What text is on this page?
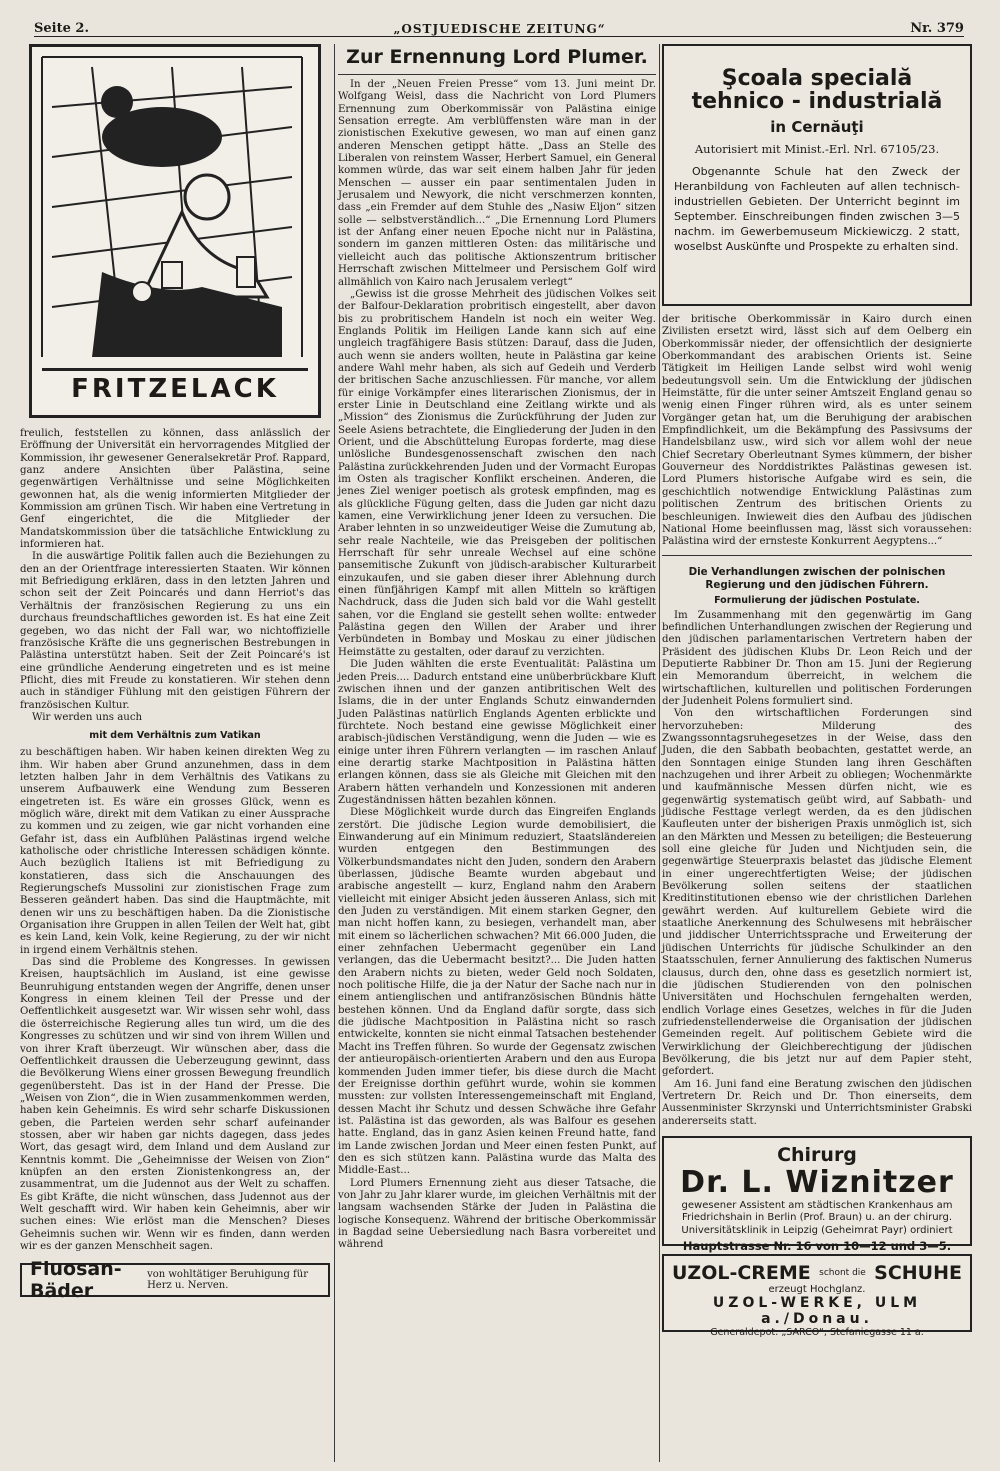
Seite 2.	„OSTJUEDISCHE ZEITUNG“	Nr. 379
FRITZELACK

freulich, feststellen zu können, dass anlässlich der Eröffnung der Universität ein hervorragendes Mitglied der Kommission, ihr gewesener Generalsekretär Prof. Rappard, ganz andere Ansichten über Palästina, seine gegenwärtigen Verhältnisse und seine Möglichkeiten gewonnen hat, als die wenig informierten Mitglieder der Kommission am grünen Tisch. Wir haben eine Vertretung in Genf eingerichtet, die die Mitglieder der Mandatskommission über die tatsächliche Entwicklung zu informieren hat.

In die auswärtige Politik fallen auch die Beziehungen zu den an der Orientfrage interessierten Staaten. Wir können mit Befriedigung erklären, dass in den letzten Jahren und schon seit der Zeit Poincarés und dann Herriot's das Verhältnis der französischen Regierung zu uns ein durchaus freundschaftliches geworden ist. Es hat eine Zeit gegeben, wo das nicht der Fall war, wo nichtoffizielle französische Kräfte die uns gegnerischen Bestrebungen in Palästina unterstützt haben. Seit der Zeit Poincaré's ist eine gründliche Aenderung eingetreten und es ist meine Pflicht, dies mit Freude zu konstatieren. Wir stehen denn auch in ständiger Fühlung mit den geistigen Führern der französischen Kultur.

Wir werden uns auch

mit dem Verhältnis zum Vatikan

zu beschäftigen haben. Wir haben keinen direkten Weg zu ihm. Wir haben aber Grund anzunehmen, dass in dem letzten halben Jahr in dem Verhältnis des Vatikans zu unserem Aufbauwerk eine Wendung zum Besseren eingetreten ist. Es wäre ein grosses Glück, wenn es möglich wäre, direkt mit dem Vatikan zu einer Aussprache zu kommen und zu zeigen, wie gar nicht vorhanden eine Gefahr ist, dass ein Aufblühen Palästinas irgend welche katholische oder christliche Interessen schädigen könnte. Auch bezüglich Italiens ist mit Befriedigung zu konstatieren, dass sich die Anschauungen des Regierungschefs Mussolini zur zionistischen Frage zum Besseren geändert haben. Das sind die Hauptmächte, mit denen wir uns zu beschäftigen haben. Da die Zionistische Organisation ihre Gruppen in allen Teilen der Welt hat, gibt es kein Land, kein Volk, keine Regierung, zu der wir nicht in irgend einem Verhältnis stehen.

Das sind die Probleme des Kongresses. In gewissen Kreisen, hauptsächlich im Ausland, ist eine gewisse Beunruhigung entstanden wegen der Angriffe, denen unser Kongress in einem kleinen Teil der Presse und der Oeffentlichkeit ausgesetzt war. Wir wissen sehr wohl, dass die österreichische Regierung alles tun wird, um die des Kongresses zu schützen und wir sind von ihrem Willen und von ihrer Kraft überzeugt. Wir wünschen aber, dass die Oeffentlichkeit draussen die Ueberzeugung gewinnt, dass die Bevölkerung Wiens einer grossen Bewegung freundlich gegenübersteht. Das ist in der Hand der Presse. Die „Weisen von Zion“, die in Wien zusammenkommen werden, haben kein Geheimnis. Es wird sehr scharfe Diskussionen geben, die Parteien werden sehr scharf aufeinander stossen, aber wir haben gar nichts dagegen, dass jedes Wort, das gesagt wird, dem Inland und dem Ausland zur Kenntnis kommt. Die „Geheimnisse der Weisen von Zion“ knüpfen an den ersten Zionistenkongress an, der zusammentrat, um die Judennot aus der Welt zu schaffen. Es gibt Kräfte, die nicht wünschen, dass Judennot aus der Welt geschafft wird. Wir haben kein Geheimnis, aber wir suchen eines: Wie erlöst man die Menschen? Dieses Geheimnis suchen wir. Wenn wir es finden, dann werden wir es der ganzen Menschheit sagen.

Fluosan-Bäder
von wohltätiger Beruhigung für Herz u. Nerven.
Zur Ernennung Lord Plumer.

In der „Neuen Freien Presse“ vom 13. Juni meint Dr. Wolfgang Weisl, dass die Nachricht von Lord Plumers Ernennung zum Oberkommissär von Palästina einige Sensation erregte. Am verblüffensten wäre man in der zionistischen Exekutive gewesen, wo man auf einen ganz anderen Menschen getippt hätte. „Dass an Stelle des Liberalen von reinstem Wasser, Herbert Samuel, ein General kommen würde, das war seit einem halben Jahr für jeden Menschen — ausser ein paar sentimentalen Juden in Jerusalem und Newyork, die nicht verschmerzen konnten, dass „ein Fremder auf dem Stuhle des „Nasiw Eljon“ sitzen solle — selbstverständlich...“ „Die Ernennung Lord Plumers ist der Anfang einer neuen Epoche nicht nur in Palästina, sondern im ganzen mittleren Osten: das militärische und vielleicht auch das politische Aktionszentrum britischer Herrschaft zwischen Mittelmeer und Persischem Golf wird allmählich von Kairo nach Jerusalem verlegt“

„Gewiss ist die grosse Mehrheit des jüdischen Volkes seit der Balfour-Deklaration probritisch eingestellt, aber davon bis zu probritischem Handeln ist noch ein weiter Weg. Englands Politik im Heiligen Lande kann sich auf eine ungleich tragfähigere Basis stützen: Darauf, dass die Juden, auch wenn sie anders wollten, heute in Palästina gar keine andere Wahl mehr haben, als sich auf Gedeih und Verderb der britischen Sache anzuschliessen. Für manche, vor allem für einige Vorkämpfer eines literarischen Zionismus, der in erster Linie in Deutschland eine Zeitlang wirkte und als „Mission“ des Zionismus die Zurückführung der Juden zur Seele Asiens betrachtete, die Eingliederung der Juden in den Orient, und die Abschüttelung Europas forderte, mag diese unlösliche Bundesgenossenschaft zwischen den nach Palästina zurückkehrenden Juden und der Vormacht Europas im Osten als tragischer Konflikt erscheinen. Anderen, die jenes Ziel weniger poetisch als grotesk empfinden, mag es als glückliche Fügung gelten, dass die Juden gar nicht dazu kamen, eine Verwirklichung jener Ideen zu versuchen. Die Araber lehnten in so unzweideutiger Weise die Zumutung ab, sehr reale Nachteile, wie das Preisgeben der politischen Herrschaft für sehr unreale Wechsel auf eine schöne pansemitische Zukunft von jüdisch-arabischer Kulturarbeit einzukaufen, und sie gaben dieser ihrer Ablehnung durch einen fünfjährigen Kampf mit allen Mitteln so kräftigen Nachdruck, dass die Juden sich bald vor die Wahl gestellt sahen, vor die England sie gestellt sehen wollte: entweder Palästina gegen den Willen der Araber und ihrer Verbündeten in Bombay und Moskau zu einer jüdischen Heimstätte zu gestalten, oder darauf zu verzichten.

Die Juden wählten die erste Eventualität: Palästina um jeden Preis.... Dadurch entstand eine unüberbrückbare Kluft zwischen ihnen und der ganzen antibritischen Welt des Islams, die in der unter Englands Schutz einwandernden Juden Palästinas natürlich Englands Agenten erblickte und fürchtete. Noch bestand eine gewisse Möglichkeit einer arabisch-jüdischen Verständigung, wenn die Juden — wie es einige unter ihren Führern verlangten — im raschen Anlauf eine derartig starke Machtposition in Palästina hätten erlangen können, dass sie als Gleiche mit Gleichen mit den Arabern hätten verhandeln und Konzessionen mit anderen Zugeständnissen hätten bezahlen können.

Diese Möglichkeit wurde durch das Eingreifen Englands zerstört. Die jüdische Legion wurde demobilisiert, die Einwanderung auf ein Minimum reduziert, Staatsländereien wurden entgegen den Bestimmungen des Völkerbundsmandates nicht den Juden, sondern den Arabern überlassen, jüdische Beamte wurden abgebaut und arabische angestellt — kurz, England nahm den Arabern vielleicht mit einiger Absicht jeden äusseren Anlass, sich mit den Juden zu verständigen. Mit einem starken Gegner, den man nicht hoffen kann, zu besiegen, verhandelt man, aber mit einem so lächerlichen schwachen? Mit 66.000 Juden, die einer zehnfachen Uebermacht gegenüber ein Land verlangen, das die Uebermacht besitzt?... Die Juden hatten den Arabern nichts zu bieten, weder Geld noch Soldaten, noch politische Hilfe, die ja der Natur der Sache nach nur in einem antienglischen und antifranzösischen Bündnis hätte bestehen können. Und da England dafür sorgte, dass sich die jüdische Machtposition in Palästina nicht so rasch entwickelte, konnten sie nicht einmal Tatsachen bestehender Macht ins Treffen führen. So wurde der Gegensatz zwischen der antieuropäisch-orientierten Arabern und den aus Europa kommenden Juden immer tiefer, bis diese durch die Macht der Ereignisse dorthin geführt wurde, wohin sie kommen mussten: zur vollsten Interessengemeinschaft mit England, dessen Macht ihr Schutz und dessen Schwäche ihre Gefahr ist. Palästina ist das geworden, als was Balfour es gesehen hatte. England, das in ganz Asien keinen Freund hatte, fand im Lande zwischen Jordan und Meer einen festen Punkt, auf den es sich stützen kann. Palästina wurde das Malta des Middle-East...

Lord Plumers Ernennung zieht aus dieser Tatsache, die von Jahr zu Jahr klarer wurde, im gleichen Verhältnis mit der langsam wachsenden Stärke der Juden in Palästina die logische Konsequenz. Während der britische Oberkommissär in Bagdad seine Uebersiedlung nach Basra vorbereitet und während

Şcoala specială
tehnico - industrială
in Cernăuţi
Autorisiert mit Minist.-Erl. Nrl. 67105/23.
Obgenannte Schule hat den Zweck der Heranbildung von Fachleuten auf allen technisch-industriellen Gebieten. Der Unterricht beginnt im September. Einschreibungen finden zwischen 3—5 nachm. im Gewerbemuseum Mickiewiczg. 2 statt, woselbst Auskünfte und Prospekte zu erhalten sind.

der britische Oberkommissär in Kairo durch einen Zivilisten ersetzt wird, lässt sich auf dem Oelberg ein Oberkommissär nieder, der offensichtlich der designierte Oberkommandant des arabischen Orients ist. Seine Tätigkeit im Heiligen Lande selbst wird wohl wenig bedeutungsvoll sein. Um die Entwicklung der jüdischen Heimstätte, für die unter seiner Amtszeit England genau so wenig einen Finger rühren wird, als es unter seinem Vorgänger getan hat, um die Beruhigung der arabischen Empfindlichkeit, um die Bekämpfung des Passivsums der Handelsbilanz usw., wird sich vor allem wohl der neue Chief Secretary Oberleutnant Symes kümmern, der bisher Gouverneur des Norddistriktes Palästinas gewesen ist. Lord Plumers historische Aufgabe wird es sein, die geschichtlich notwendige Entwicklung Palästinas zum politischen Zentrum des britischen Orients zu beschleunigen. Inwieweit dies den Aufbau des jüdischen National Home beeinflussen mag, lässt sich voraussehen: Palästina wird der ernsteste Konkurrent Aegyptens...“

Die Verhandlungen zwischen der polnischen Regierung und den jüdischen Führern.
Formulierung der jüdischen Postulate.

Im Zusammenhang mit den gegenwärtig im Gang befindlichen Unterhandlungen zwischen der Regierung und den jüdischen parlamentarischen Vertretern haben der Präsident des jüdischen Klubs Dr. Leon Reich und der Deputierte Rabbiner Dr. Thon am 15. Juni der Regierung ein Memorandum überreicht, in welchem die wirtschaftlichen, kulturellen und politischen Forderungen der Judenheit Polens formuliert sind.

Von den wirtschaftlichen Forderungen sind hervorzuheben: Milderung des Zwangssonntagsruhegesetzes in der Weise, dass den Juden, die den Sabbath beobachten, gestattet werde, an den Sonntagen einige Stunden lang ihren Geschäften nachzugehen und ihrer Arbeit zu obliegen; Wochenmärkte und kaufmännische Messen dürfen nicht, wie es gegenwärtig systematisch geübt wird, auf Sabbath- und jüdische Festtage verlegt werden, da es den jüdischen Kaufleuten unter der bisherigen Praxis unmöglich ist, sich an den Märkten und Messen zu beteiligen; die Besteuerung soll eine gleiche für Juden und Nichtjuden sein, die gegenwärtige Steuerpraxis belastet das jüdische Element in einer ungerechtfertigten Weise; der jüdischen Bevölkerung sollen seitens der staatlichen Kreditinstitutionen ebenso wie der christlichen Darlehen gewährt werden. Auf kulturellem Gebiete wird die staatliche Anerkennung des Schulwesens mit hebräischer und jiddischer Unterrichtssprache und Erweiterung der jüdischen Unterrichts für jüdische Schulkinder an den Staatsschulen, ferner Annulierung des faktischen Numerus clausus, durch den, ohne dass es gesetzlich normiert ist, die jüdischen Studierenden von den polnischen Universitäten und Hochschulen ferngehalten werden, endlich Vorlage eines Gesetzes, welches in für die Juden zufriedenstellenderweise die Organisation der jüdischen Gemeinden regelt. Auf politischem Gebiete wird die Verwirklichung der Gleichberechtigung der jüdischen Bevölkerung, die bis jetzt nur auf dem Papier steht, gefordert.

Am 16. Juni fand eine Beratung zwischen den jüdischen Vertretern Dr. Reich und Dr. Thon einerseits, dem Aussenminister Skrzynski und Unterrichtsminister Grabski andererseits statt.

Chirurg
Dr. L. Wiznitzer
gewesener Assistent am städtischen Krankenhaus am Friedrichshain in Berlin (Prof. Braun) u. an der chirurg. Universitätsklinik in Leipzig (Geheimrat Payr) ordiniert
Hauptstrasse Nr. 16 von 10—12 und 3—5.
UZOL-CREME schont die SCHUHE
erzeugt Hochglanz.
UZOL-WERKE, ULM a./Donau.
Generaldepot: „SARCO“, Stefaniegasse 11 a.
